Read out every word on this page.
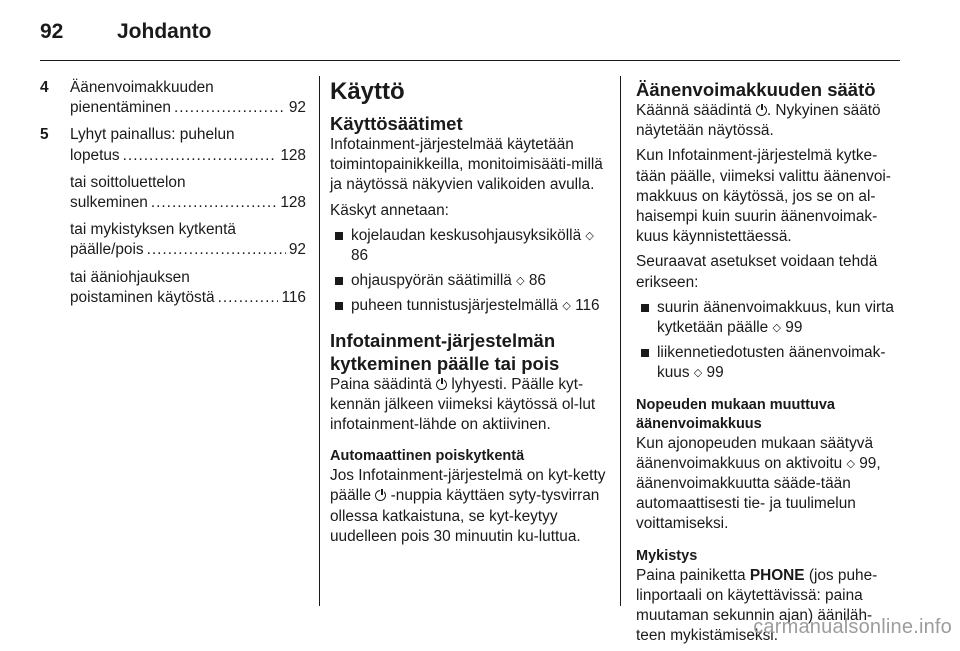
92	Johdanto
4 Äänenvoimakkuuden
pienentäminen .....	92
5 Lyhyt painallus: puhelun
lopetus .....	128
tai soittoluettelon
sulkeminen .....	128
tai mykistyksen kytkentä
päälle/pois .....	92
tai ääniohjauksen
poistaminen käytöstä .....	116
Käyttö
Käyttösäätimet

Infotainment-järjestelmää käytetään toimintopainikkeilla, monitoimisääti-millä ja näytössä näkyvien valikoiden avulla.

Käskyt annetaan:

kojelaudan keskusohjausyksiköllä ◇ 86
ohjauspyörän säätimillä ◇ 86
puheen tunnistusjärjestelmällä ◇ 116
Infotainment-järjestelmän
kytkeminen päälle tai pois

Paina säädintä lyhyesti. Päälle kyt-kennän jälkeen viimeksi käytössä ol-lut infotainment-lähde on aktiivinen.

Automaattinen poiskytkentä

Jos Infotainment-järjestelmä on kyt-ketty päälle -nuppia käyttäen syty-tysvirran ollessa katkaistuna, se kyt-keytyy uudelleen pois 30 minuutin ku-luttua.

Äänenvoimakkuuden säätö

Käännä säädintä . Nykyinen säätö näytetään näytössä.

Kun Infotainment-järjestelmä kytke-tään päälle, viimeksi valittu äänenvoi-makkuus on käytössä, jos se on al-haisempi kuin suurin äänenvoimak-kuus käynnistettäessä.

Seuraavat asetukset voidaan tehdä erikseen:

suurin äänenvoimakkuus, kun virta kytketään päälle ◇ 99
liikennetiedotusten äänenvoimak-kuus ◇ 99
Nopeuden mukaan muuttuva
äänenvoimakkuus

Kun ajonopeuden mukaan säätyvä äänenvoimakkuus on aktivoitu ◇ 99, äänenvoimakkuutta sääde-tään automaattisesti tie- ja tuulimelun voittamiseksi.

Mykistys

Paina painiketta PHONE (jos puhe-linportaali on käytettävissä: paina muutaman sekunnin ajan) ääniläh-teen mykistämiseksi.

carmanualsonline.info
